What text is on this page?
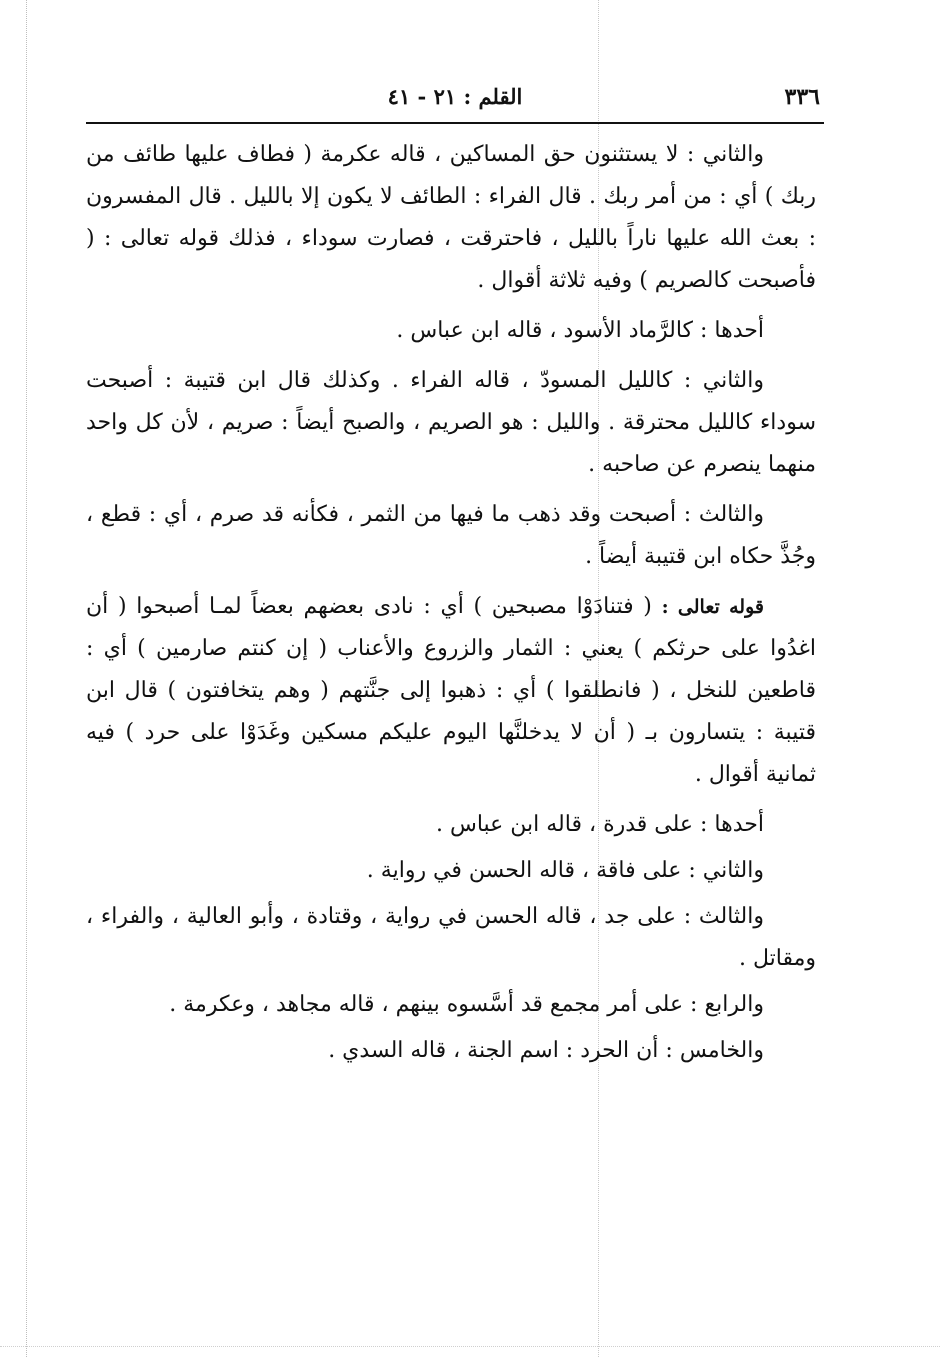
٣٣٦
القلم : ٢١ - ٤١

والثاني : لا يستثنون حق المساكين ، قاله عكرمة ( فطاف عليها طائف من ربك ) أي : من أمر ربك . قال الفراء : الطائف لا يكون إلا بالليل . قال المفسرون : بعث الله عليها ناراً بالليل ، فاحترقت ، فصارت سوداء ، فذلك قوله تعالى : ( فأصبحت كالصريم ) وفيه ثلاثة أقوال .

أحدها : كالرَّماد الأسود ، قاله ابن عباس .

والثاني : كالليل المسودّ ، قاله الفراء . وكذلك قال ابن قتيبة : أصبحت سوداء كالليل محترقة . والليل : هو الصريم ، والصبح أيضاً : صريم ، لأن كل واحد منهما ينصرم عن صاحبه .

والثالث : أصبحت وقد ذهب ما فيها من الثمر ، فكأنه قد صرم ، أي : قطع ، وجُذَّ حكاه ابن قتيبة أيضاً .

قوله تعالى : ( فتنادَوْا مصبحين ) أي : نادى بعضهم بعضاً لمـا أصبحوا ( أن اغدُوا على حرثكم ) يعني : الثمار والزروع والأعناب ( إن كنتم صارمين ) أي : قاطعين للنخل ، ( فانطلقوا ) أي : ذهبوا إلى جنَّتهم ( وهم يتخافتون ) قال ابن قتيبة : يتسارون بـ ( أن لا يدخلنَّها اليوم عليكم مسكين وغَدَوْا على حرد ) فيه ثمانية أقوال .

أحدها : على قدرة ، قاله ابن عباس .

والثاني : على فاقة ، قاله الحسن في رواية .

والثالث : على جد ، قاله الحسن في رواية ، وقتادة ، وأبو العالية ، والفراء ، ومقاتل .

والرابع : على أمر مجمع قد أسَّسوه بينهم ، قاله مجاهد ، وعكرمة .

والخامس : أن الحرد : اسم الجنة ، قاله السدي .
